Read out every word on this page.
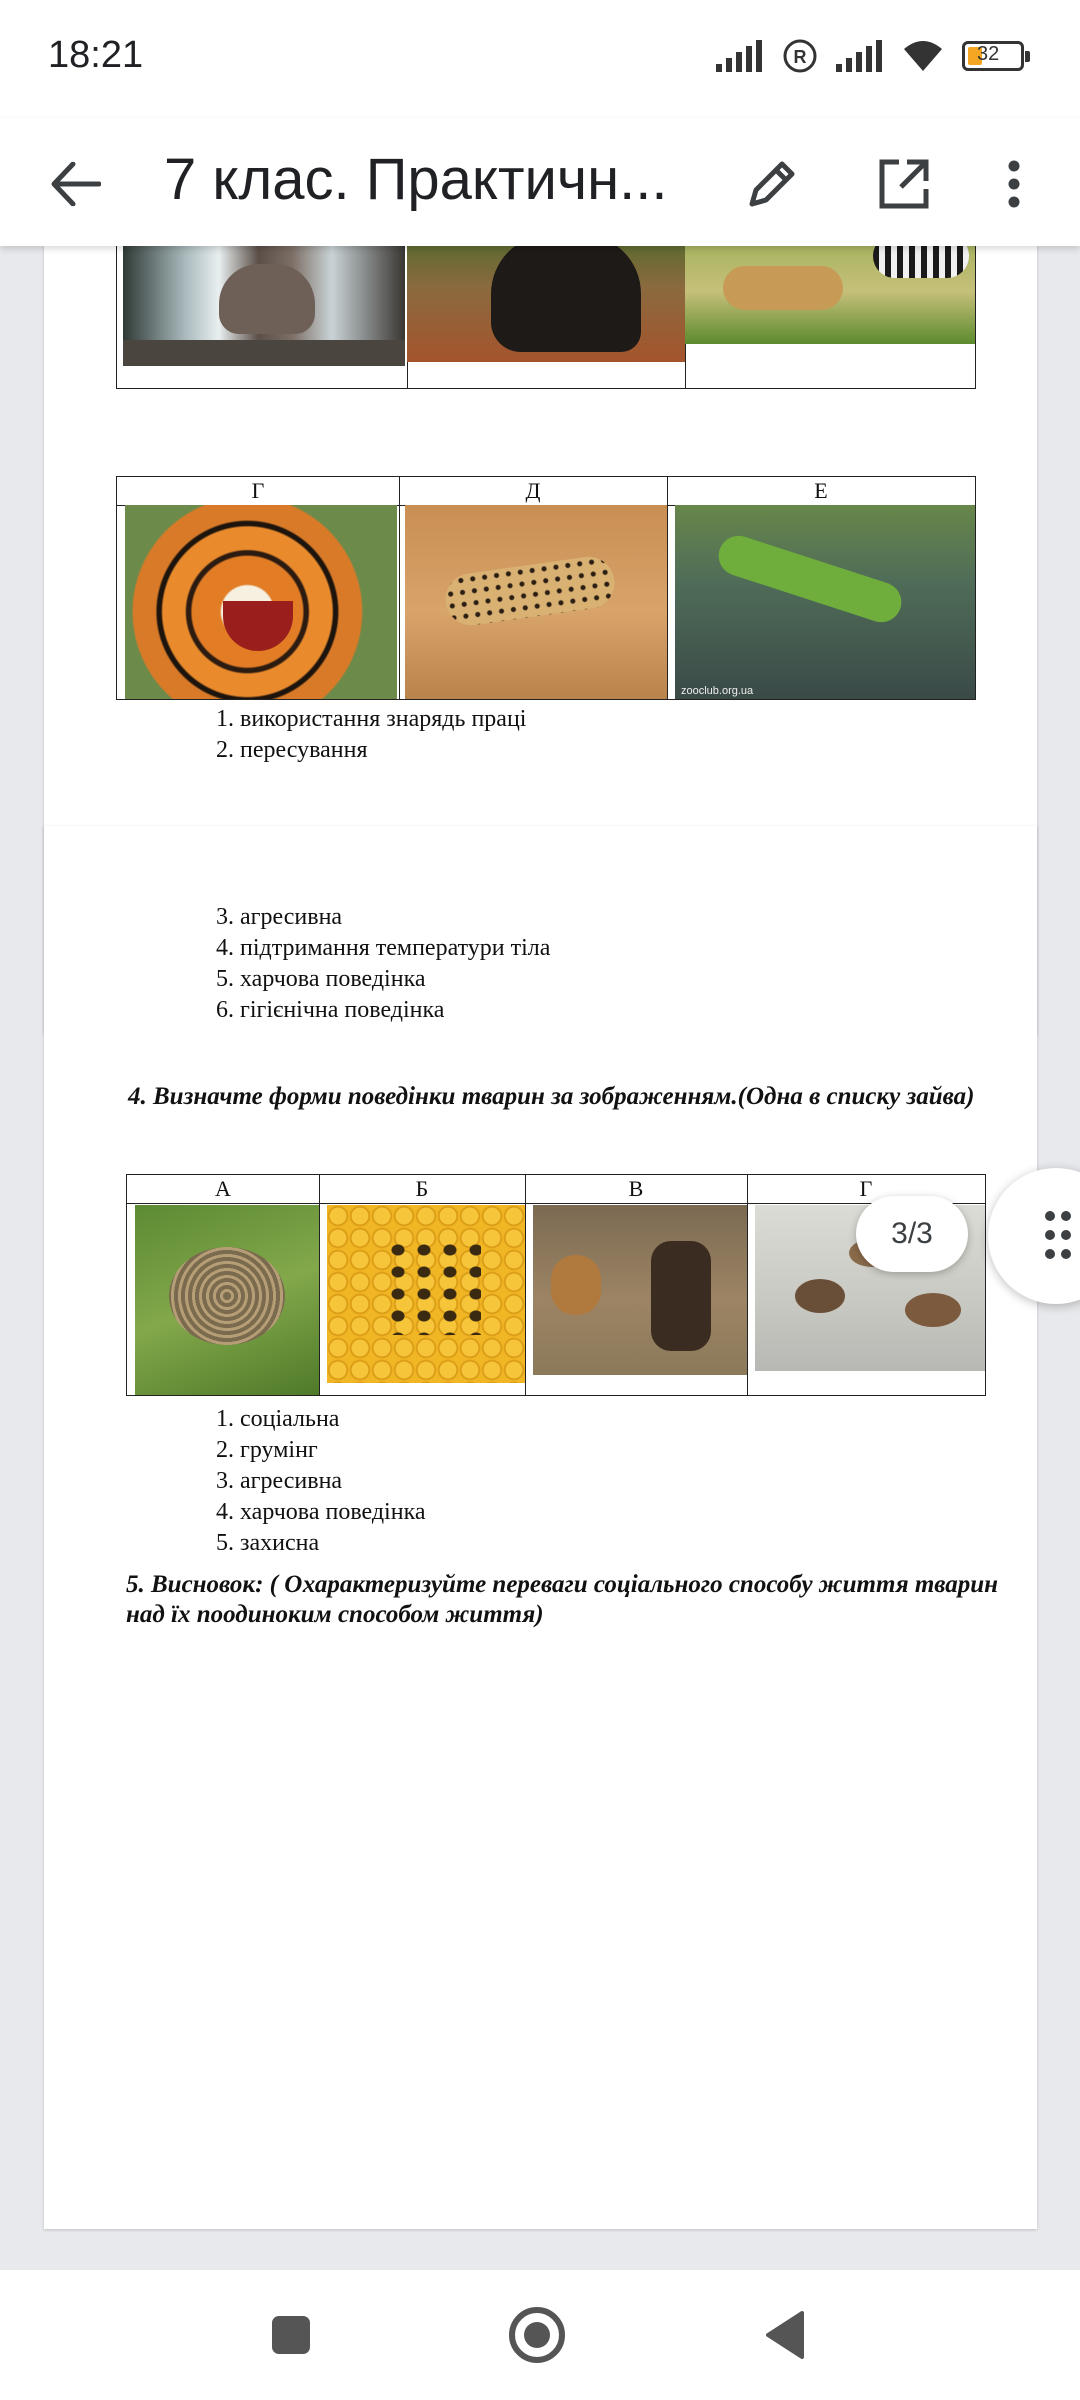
18:21	R	32
7 клас. Практичн...
Г	Д	Е
zooclub.org.ua
1. використання знарядь праці
2. пересування
3. агресивна
4. підтримання температури тіла
5. харчова поведінка
6. гігієнічна поведінка
4. Визначте форми поведінки тварин за зображенням.(Одна в списку зайва)
А	Б	В	Г
1. соціальна
2. грумінг
3. агресивна
4. харчова поведінка
5. захисна
5. Висновок: ( Охарактеризуйте переваги соціального способу життя тварин над їх поодиноким способом життя)
3/3
